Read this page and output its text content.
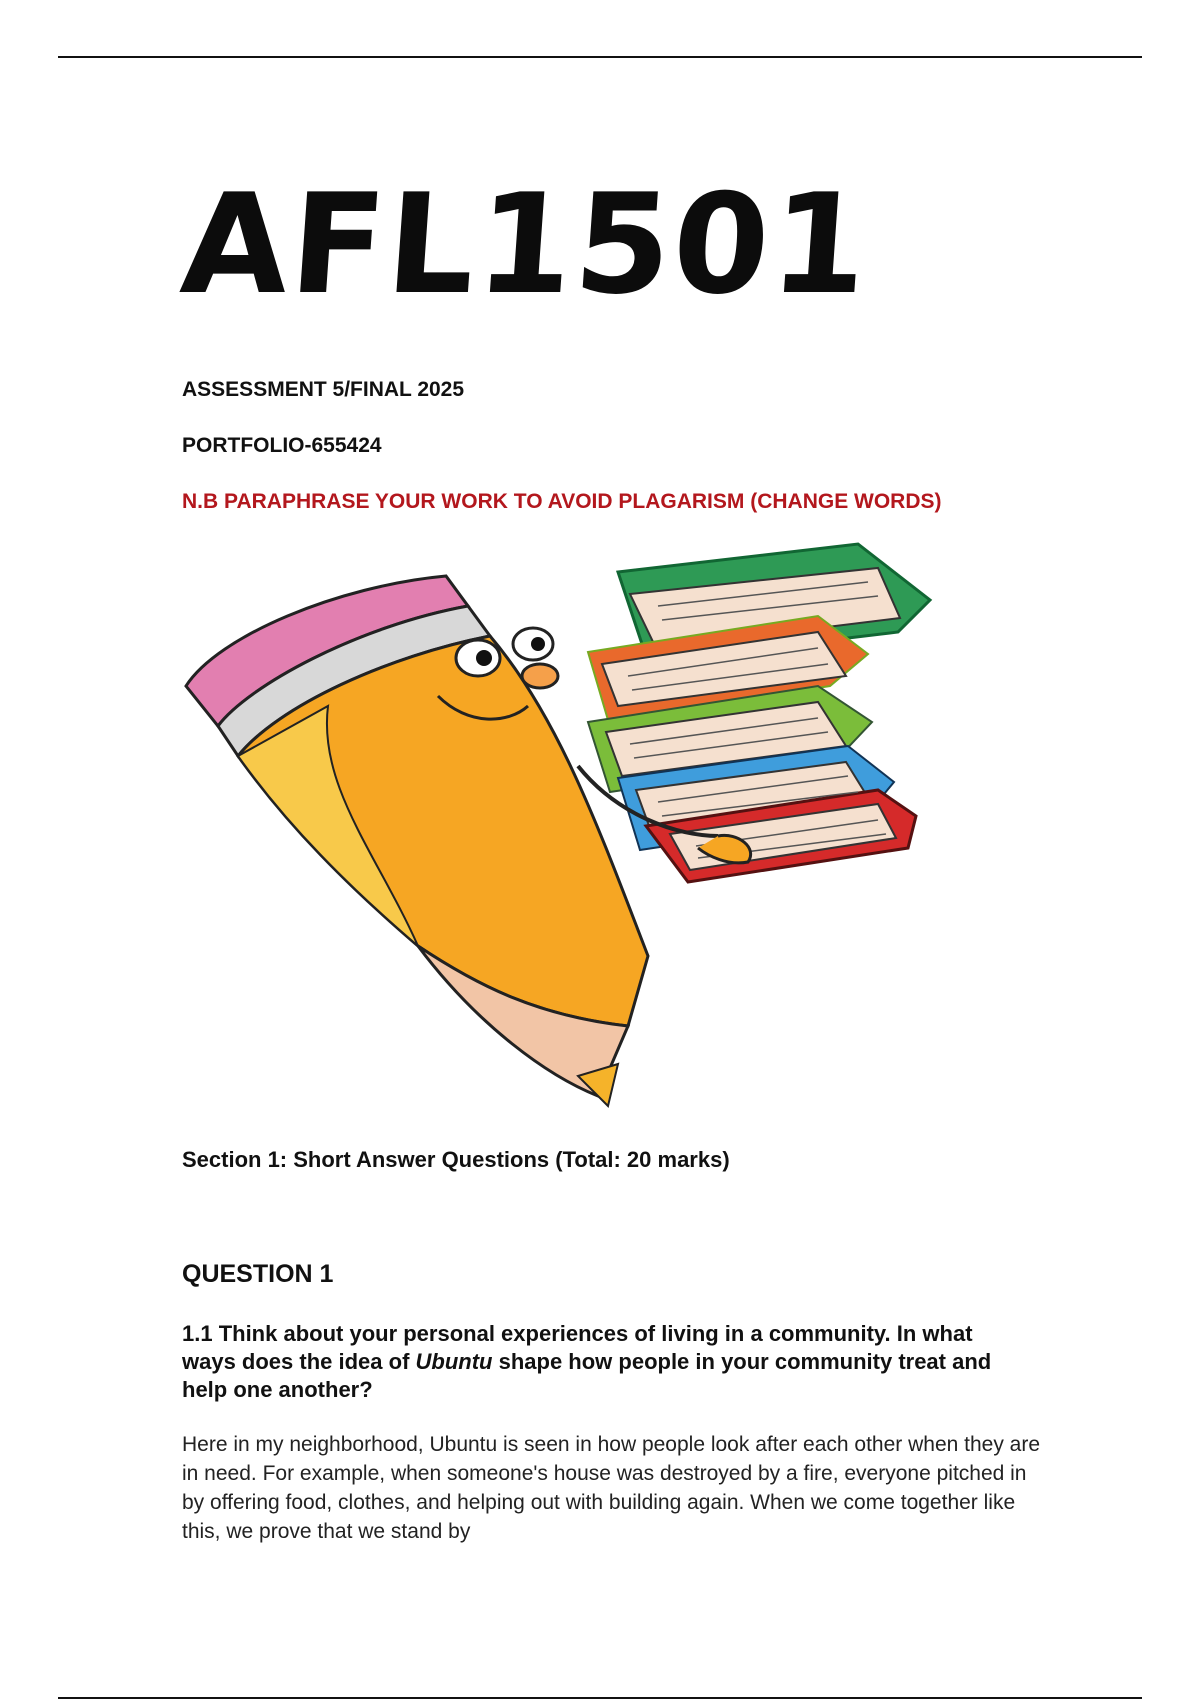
AFL1501
ASSESSMENT 5/FINAL 2025
PORTFOLIO-655424
N.B PARAPHRASE YOUR WORK TO AVOID PLAGARISM (CHANGE WORDS)
Section 1: Short Answer Questions (Total: 20 marks)
QUESTION 1
1.1 Think about your personal experiences of living in a community. In what ways does the idea of Ubuntu shape how people in your community treat and help one another?
Here in my neighborhood, Ubuntu is seen in how people look after each other when they are in need. For example, when someone's house was destroyed by a fire, everyone pitched in by offering food, clothes, and helping out with building again. When we come together like this, we prove that we stand by
